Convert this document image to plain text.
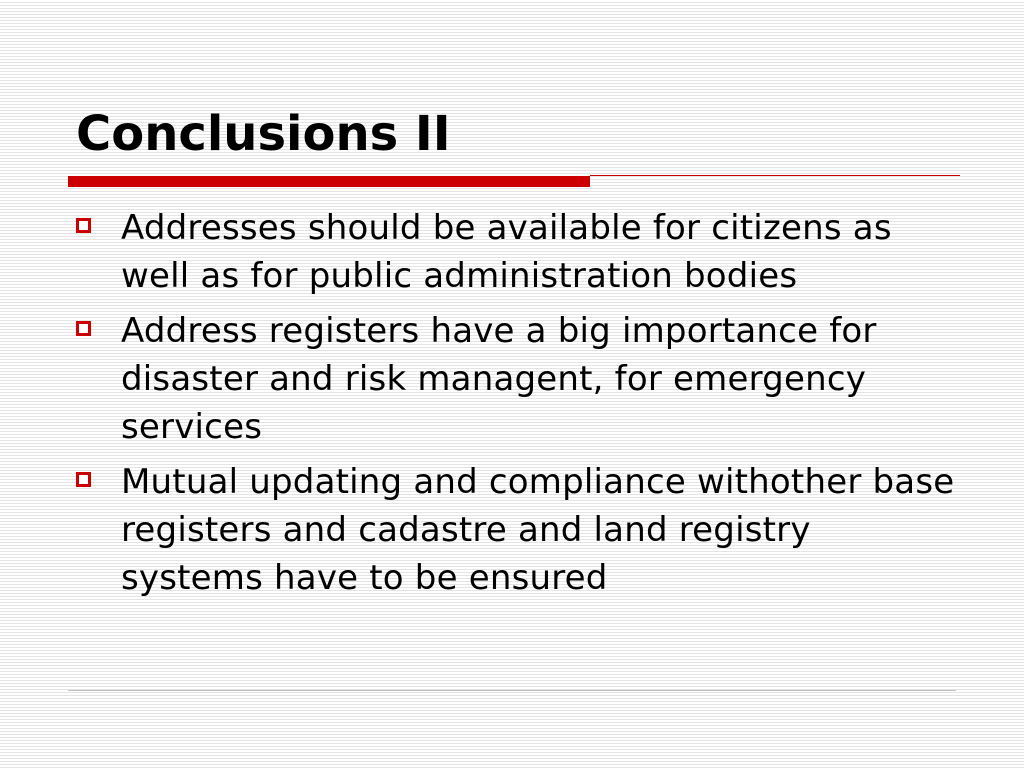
Conclusions II
Addresses should be available for citizens as well as for public administration bodies
Address registers have a big importance for disaster and risk managent, for emergency services
Mutual updating and compliance withother base registers and cadastre and land registry systems have to be ensured
